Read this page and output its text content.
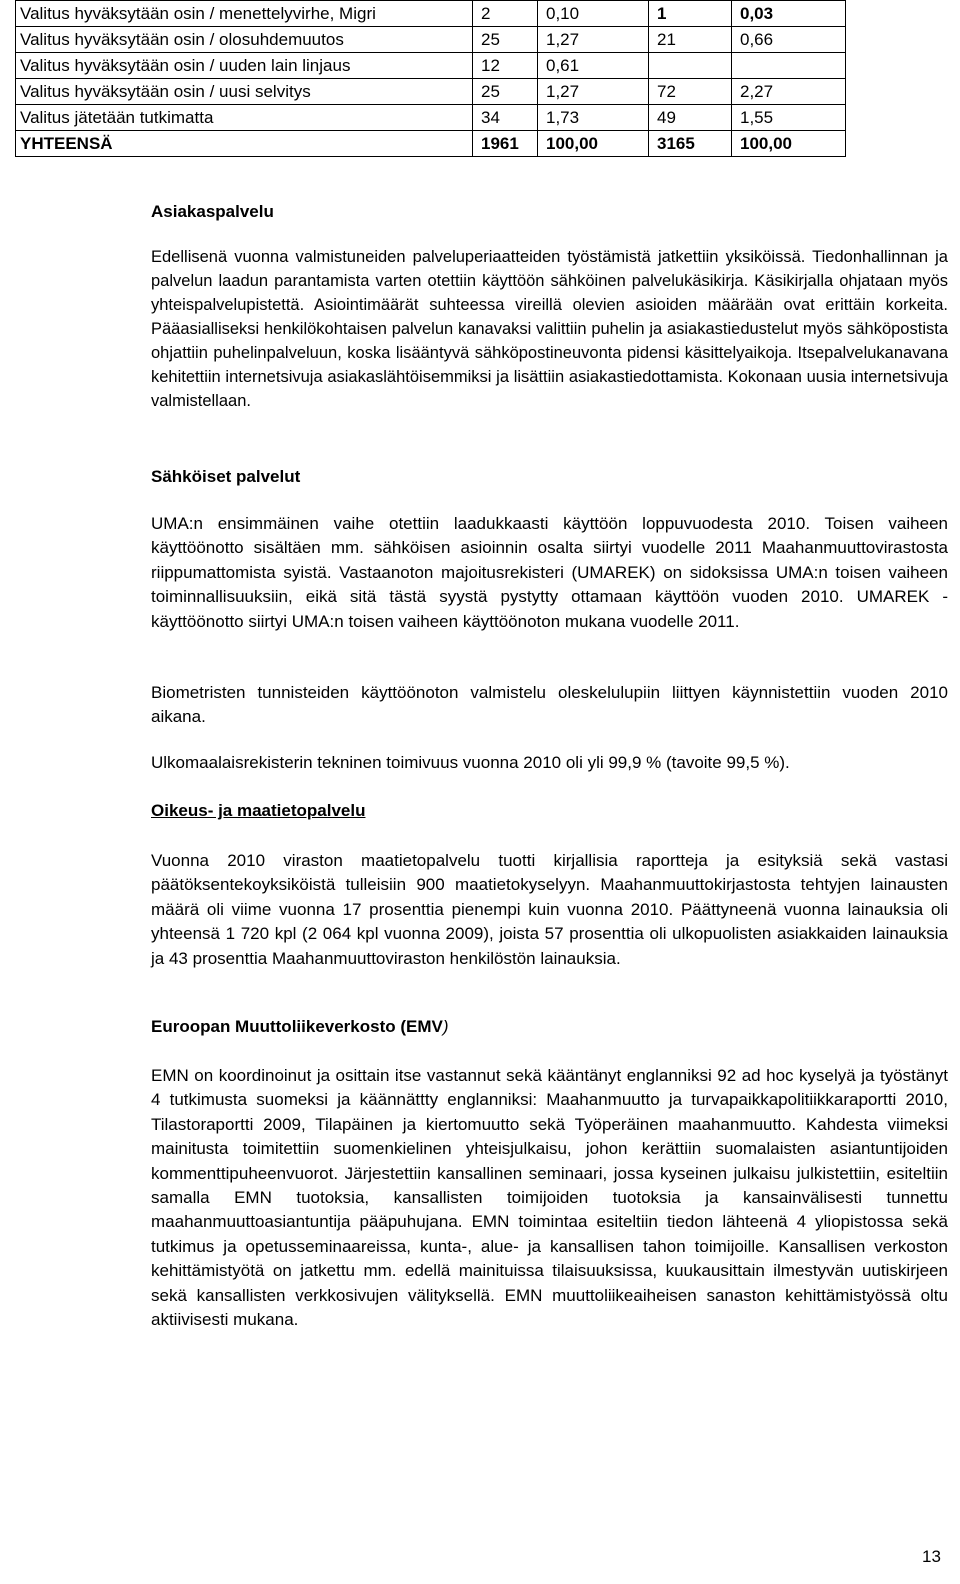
Valitus hyväksytään osin / menettelyvirhe, Migri	2	0,10	1	0,03
Valitus hyväksytään osin / olosuhdemuutos	25	1,27	21	0,66
Valitus hyväksytään osin / uuden lain linjaus	12	0,61		
Valitus hyväksytään osin / uusi selvitys	25	1,27	72	2,27
Valitus jätetään tutkimatta	34	1,73	49	1,55
YHTEENSÄ	1961	100,00	3165	100,00
Asiakaspalvelu
Edellisenä vuonna valmistuneiden palveluperiaatteiden työstämistä jatkettiin yksiköissä. Tiedonhallinnan ja palvelun laadun parantamista varten otettiin käyttöön sähköinen palvelukäsikirja. Käsikirjalla ohjataan myös yhteispalvelupistettä. Asiointimäärät suhteessa vireillä olevien asioiden määrään ovat erittäin korkeita. Pääasialliseksi henkilökohtaisen palvelun kanavaksi valittiin puhelin ja asiakastiedustelut myös sähköpostista ohjattiin puhelinpalveluun, koska lisääntyvä sähköpostineuvonta pidensi käsittelyaikoja. Itsepalvelukanavana kehitettiin internetsivuja asiakaslähtöisemmiksi ja lisättiin asiakastiedottamista. Kokonaan uusia internetsivuja valmistellaan.
Sähköiset palvelut
UMA:n ensimmäinen vaihe otettiin laadukkaasti käyttöön loppuvuodesta 2010. Toisen vaiheen käyttöönotto sisältäen mm. sähköisen asioinnin osalta siirtyi vuodelle 2011 Maahanmuuttovirastosta riippumattomista syistä. Vastaanoton majoitusrekisteri (UMAREK) on sidoksissa UMA:n toisen vaiheen toiminnallisuuksiin, eikä sitä tästä syystä pystytty ottamaan käyttöön vuoden 2010. UMAREK -käyttöönotto siirtyi UMA:n toisen vaiheen käyttöönoton mukana vuodelle 2011.
Biometristen tunnisteiden käyttöönoton valmistelu oleskelulupiin liittyen käynnistettiin vuoden 2010 aikana.
Ulkomaalaisrekisterin tekninen toimivuus vuonna 2010 oli yli 99,9 % (tavoite 99,5 %).
Oikeus- ja maatietopalvelu
Vuonna 2010 viraston maatietopalvelu tuotti kirjallisia raportteja ja esityksiä sekä vastasi päätöksentekoyksiköistä tulleisiin 900 maatietokyselyyn. Maahanmuuttokirjastosta tehtyjen lainausten määrä oli viime vuonna 17 prosenttia pienempi kuin vuonna 2010. Päättyneenä vuonna lainauksia oli yhteensä 1 720 kpl (2 064 kpl vuonna 2009), joista 57 prosenttia oli ulkopuolisten asiakkaiden lainauksia ja 43 prosenttia Maahanmuuttoviraston henkilöstön lainauksia.
Euroopan Muuttoliikeverkosto (EMV)
EMN on koordinoinut ja osittain itse vastannut sekä kääntänyt englanniksi 92 ad hoc kyselyä ja työstänyt 4 tutkimusta suomeksi ja käännättty englanniksi: Maahanmuutto ja turvapaikkapolitiikkaraportti 2010, Tilastoraportti 2009, Tilapäinen ja kiertomuutto sekä Työperäinen maahanmuutto. Kahdesta viimeksi mainitusta toimitettiin suomenkielinen yhteisjulkaisu, johon kerättiin suomalaisten asiantuntijoiden kommenttipuheenvuorot. Järjestettiin kansallinen seminaari, jossa kyseinen julkaisu julkistettiin, esiteltiin samalla EMN tuotoksia, kansallisten toimijoiden tuotoksia ja kansainvälisesti tunnettu maahanmuuttoasiantuntija pääpuhujana. EMN toimintaa esiteltiin tiedon lähteenä 4 yliopistossa sekä tutkimus ja opetusseminaareissa, kunta-, alue- ja kansallisen tahon toimijoille. Kansallisen verkoston kehittämistyötä on jatkettu mm. edellä mainituissa tilaisuuksissa, kuukausittain ilmestyvän uutiskirjeen sekä kansallisten verkkosivujen välityksellä. EMN muuttoliikeaiheisen sanaston kehittämistyössä oltu aktiivisesti mukana.
13
